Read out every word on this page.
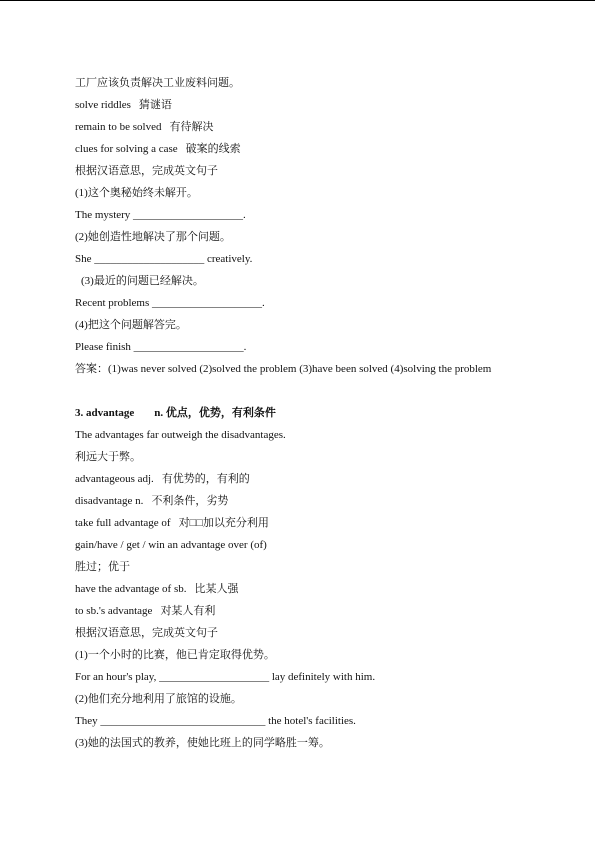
工厂应该负责解决工业废料问题。
solve riddles 猜谜语
remain to be solved 有待解决
clues for solving a case 破案的线索
根据汉语意思，完成英文句子
(1)这个奥秘始终未解开。
The mystery ____________________.
(2)她创造性地解决了那个问题。
She ____________________ creatively.
(3)最近的问题已经解决。
Recent problems ____________________.
(4)把这个问题解答完。
Please finish ____________________.
答案：(1)was never solved (2)solved the problem (3)have been solved (4)solving the problem
3. advantage n. 优点，优势，有利条件
The advantages far outweigh the disadvantages.
利远大于弊。
advantageous adj. 有优势的，有利的
disadvantage n. 不利条件，劣势
take full advantage of 对□□加以充分利用
gain/have / get / win an advantage over (of)
胜过；优于
have the advantage of sb. 比某人强
to sb.'s advantage 对某人有利
根据汉语意思，完成英文句子
(1)一个小时的比赛，他已肯定取得优势。
For an hour's play, ____________________ lay definitely with him.
(2)他们充分地利用了旅馆的设施。
They ______________________________ the hotel's facilities.
(3)她的法国式的教养，使她比班上的同学略胜一筹。
